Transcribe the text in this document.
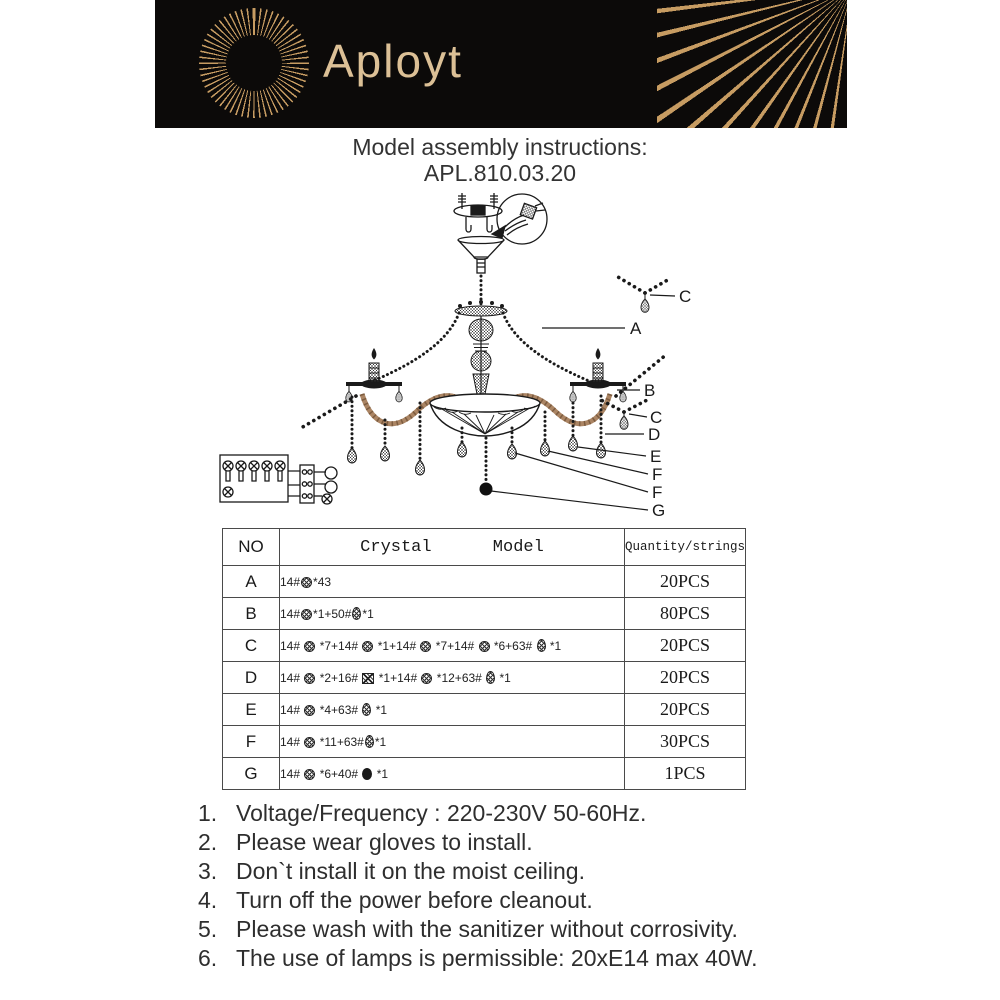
Aployt
Model assembly instructions:
APL.810.03.20
A
B
C
C
D
E
F
F
G
NO	Crystal      Model	Quantity/strings
A	14# *43	20PCS
B	14# *1+50# *1	80PCS
C	14#  *7+14#  *1+14#  *7+14#  *6+63#  *1	20PCS
D	14#  *2+16#  *1+14#  *12+63#  *1	20PCS
E	14#  *4+63#  *1	20PCS
F	14#  *11+63# *1	30PCS
G	14#  *6+40#  *1	1PCS
1. Voltage/Frequency : 220-230V 50-60Hz.
2. Please wear gloves to install.
3. Don`t install it on the moist ceiling.
4. Turn off the power before cleanout.
5. Please wash with the sanitizer without corrosivity.
6. The use of lamps is permissible: 20xE14 max 40W.
